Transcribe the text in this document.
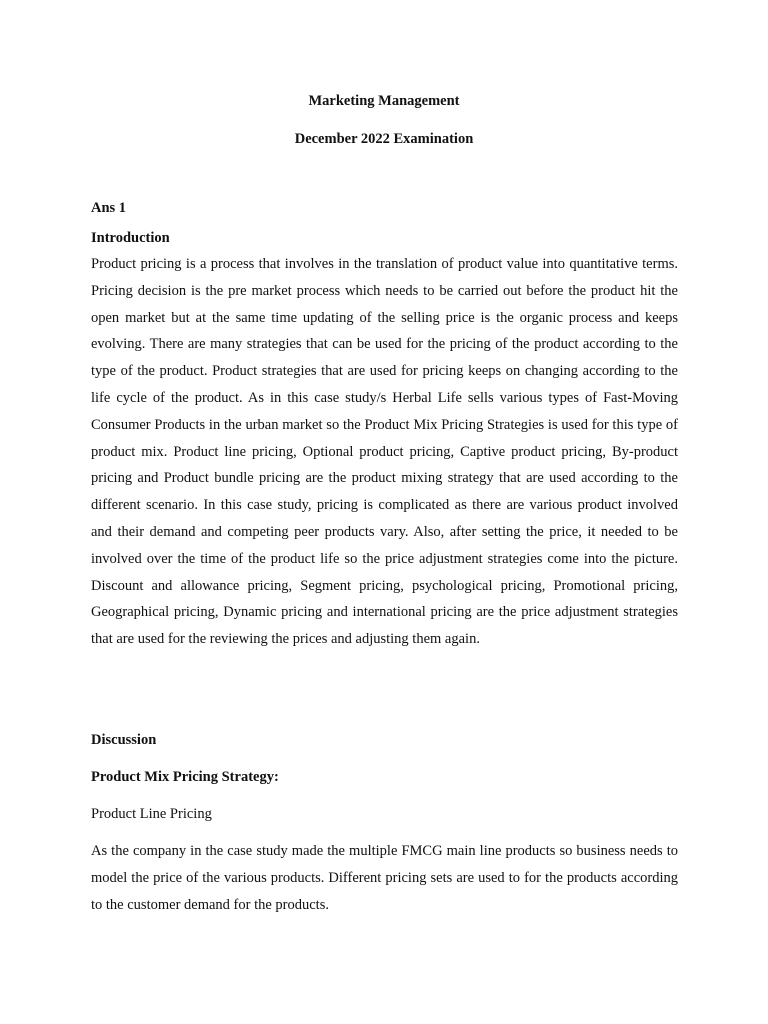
Marketing Management
December 2022 Examination
Ans 1
Introduction

Product pricing is a process that involves in the translation of product value into quantitative terms. Pricing decision is the pre market process which needs to be carried out before the product hit the open market but at the same time updating of the selling price is the organic process and keeps evolving. There are many strategies that can be used for the pricing of the product according to the type of the product. Product strategies that are used for pricing keeps on changing according to the life cycle of the product. As in this case study/s Herbal Life sells various types of Fast-Moving Consumer Products in the urban market so the Product Mix Pricing Strategies is used for this type of product mix. Product line pricing, Optional product pricing, Captive product pricing, By-product pricing and Product bundle pricing are the product mixing strategy that are used according to the different scenario. In this case study, pricing is complicated as there are various product involved and their demand and competing peer products vary. Also, after setting the price, it needed to be involved over the time of the product life so the price adjustment strategies come into the picture. Discount and allowance pricing, Segment pricing, psychological pricing, Promotional pricing, Geographical pricing, Dynamic pricing and international pricing are the price adjustment strategies that are used for the reviewing the prices and adjusting them again.

Discussion
Product Mix Pricing Strategy:
Product Line Pricing

As the company in the case study made the multiple FMCG main line products so business needs to model the price of the various products. Different pricing sets are used to for the products according to the customer demand for the products.
